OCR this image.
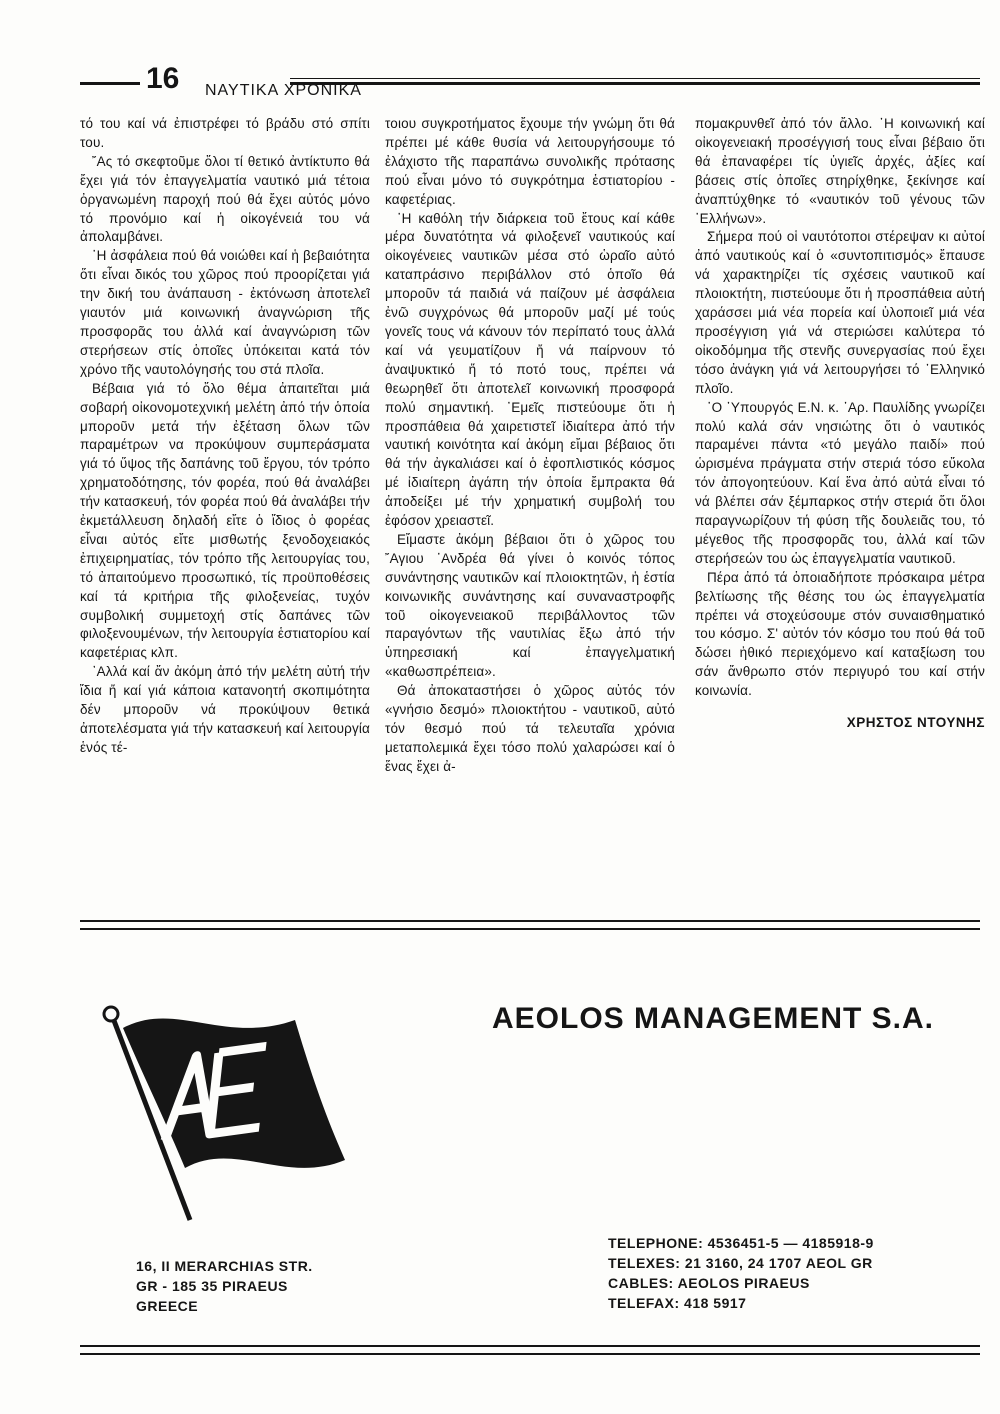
16 ΝΑΥΤΙΚΑ ΧΡΟΝΙΚΑ

τό του καί νά ἐπιστρέφει τό βράδυ στό σπίτι του.

῎Ας τό σκεφτοῦμε ὅλοι τί θετικό ἀντίκτυπο θά ἔχει γιά τόν ἐπαγγελματία ναυτικό μιά τέτοια ὀργανωμένη παροχή πού θά ἔχει αὐτός μόνο τό προνόμιο καί ἡ οἰκογένειά του νά ἀπολαμβάνει.

῾Η ἀσφάλεια πού θά νοιώθει καί ἡ βεβαιότητα ὅτι εἶναι δικός του χῶρος πού προορίζεται γιά την δική του ἀνάπαυση - ἐκτόνωση ἀποτελεῖ γιαυτόν μιά κοινωνική ἀναγνώριση τῆς προσφορᾶς του ἀλλά καί ἀναγνώριση τῶν στερήσεων στίς ὁποῖες ὑπόκειται κατά τόν χρόνο τῆς ναυτολόγησής του στά πλοῖα.

Βέβαια γιά τό ὅλο θέμα ἀπαιτεῖται μιά σοβαρή οἰκονομοτεχνική μελέτη ἀπό τήν ὁποία μποροῦν μετά τήν ἐξέταση ὅλων τῶν παραμέτρων να προκύψουν συμπεράσματα γιά τό ὕψος τῆς δαπάνης τοῦ ἔργου, τόν τρόπο χρηματοδότησης, τόν φορέα, πού θά ἀναλάβει τήν κατασκευή, τόν φορέα πού θά ἀναλάβει τήν ἐκμετάλλευση δηλαδή εἴτε ὁ ἴδιος ὁ φορέας εἶναι αὐτός εἴτε μισθωτής ξενοδοχειακός ἐπιχειρηματίας, τόν τρόπο τῆς λειτουργίας του, τό ἀπαιτούμενο προσωπικό, τίς προϋποθέσεις καί τά κριτήρια τῆς φιλοξενείας, τυχόν συμβολική συμμετοχή στίς δαπάνες τῶν φιλοξενουμένων, τήν λειτουργία ἑστιατορίου καί καφετέριας κλπ.

᾿Αλλά καί ἄν ἀκόμη ἀπό τήν μελέτη αὐτή τήν ἴδια ἤ καί γιά κάποια κατανοητή σκοπιμότητα δέν μποροῦν νά προκύψουν θετικά ἀποτελέσματα γιά τήν κατασκευή καί λειτουργία ἑνός τέ-

τοιου συγκροτήματος ἔχουμε τήν γνώμη ὅτι θά πρέπει μέ κάθε θυσία νά λειτουργήσουμε τό ἐλάχιστο τῆς παραπάνω συνολικῆς πρότασης πού εἶναι μόνο τό συγκρότημα ἑστιατορίου - καφετέριας.

῾Η καθόλη τήν διάρκεια τοῦ ἔτους καί κάθε μέρα δυνατότητα νά φιλοξενεῖ ναυτικούς καί οἰκογένειες ναυτικῶν μέσα στό ὡραῖο αὐτό καταπράσινο περιβάλλον στό ὁποῖο θά μποροῦν τά παιδιά νά παίζουν μέ ἀσφάλεια ἐνῶ συγχρόνως θά μποροῦν μαζί μέ τούς γονεῖς τους νά κάνουν τόν περίπατό τους ἀλλά καί νά γευματίζουν ἤ νά παίρνουν τό ἀναψυκτικό ἤ τό ποτό τους, πρέπει νά θεωρηθεῖ ὅτι ἀποτελεῖ κοινωνική προσφορά πολύ σημαντική. ᾿Εμεῖς πιστεύουμε ὅτι ἡ προσπάθεια θά χαιρετιστεῖ ἰδιαίτερα ἀπό τήν ναυτική κοινότητα καί ἀκόμη εἴμαι βέβαιος ὅτι θά τήν ἀγκαλιάσει καί ὁ ἐφοπλιστικός κόσμος μέ ἰδιαίτερη ἀγάπη τήν ὁποία ἔμπρακτα θά ἀποδείξει μέ τήν χρηματική συμβολή του ἐφόσον χρειαστεῖ.

Εἴμαστε ἀκόμη βέβαιοι ὅτι ὁ χῶρος του ῎Αγιου ᾿Ανδρέα θά γίνει ὁ κοινός τόπος συνάντησης ναυτικῶν καί πλοιοκτητῶν, ἡ ἑστία κοινωνικῆς συνάντησης καί συναναστροφῆς τοῦ οἰκογενειακοῦ περιβάλλοντος τῶν παραγόντων τῆς ναυτιλίας ἔξω ἀπό τήν ὑπηρεσιακή καί ἐπαγγελματική «καθωσπρέπεια».

Θά ἀποκαταστήσει ὁ χῶρος αὐτός τόν «γνήσιο δεσμό» πλοιοκτήτου - ναυτικοῦ, αὐτό τόν θεσμό πού τά τελευταῖα χρόνια μεταπολεμικά ἔχει τόσο πολύ χαλαρώσει καί ὁ ἕνας ἔχει ἀ-

πομακρυνθεῖ ἀπό τόν ἄλλο. ῾Η κοινωνική καί οἰκογενειακή προσέγγισή τους εἶναι βέβαιο ὅτι θά ἐπαναφέρει τίς ὑγιεῖς ἀρχές, ἀξίες καί βάσεις στίς ὁποῖες στηρίχθηκε, ξεκίνησε καί ἀναπτύχθηκε τό «ναυτικόν τοῦ γένους τῶν ῾Ελλήνων».

Σήμερα πού οἱ ναυτότοποι στέρεψαν κι αὐτοί ἀπό ναυτικούς καί ὁ «συντοπιτισμός» ἔπαυσε νά χαρακτηρίζει τίς σχέσεις ναυτικοῦ καί πλοιοκτήτη, πιστεύουμε ὅτι ἡ προσπάθεια αὐτή χαράσσει μιά νέα πορεία καί ὑλοποιεῖ μιά νέα προσέγγιση γιά νά στεριώσει καλύτερα τό οἰκοδόμημα τῆς στενῆς συνεργασίας πού ἔχει τόσο ἀνάγκη γιά νά λειτουργήσει τό ῾Ελληνικό πλοῖο.

῾Ο ῾Υπουργός Ε.Ν. κ. ᾿Αρ. Παυλίδης γνωρίζει πολύ καλά σάν νησιώτης ὅτι ὁ ναυτικός παραμένει πάντα «τό μεγάλο παιδί» πού ὡρισμένα πράγματα στήν στεριά τόσο εὔκολα τόν ἀπογοητεύουν. Καί ἕνα ἀπό αὐτά εἶναι τό νά βλέπει σάν ξέμπαρκος στήν στεριά ὅτι ὅλοι παραγνωρίζουν τή φύση τῆς δουλειᾶς του, τό μέγεθος τῆς προσφορᾶς του, ἀλλά καί τῶν στερήσεών του ὡς ἐπαγγελματία ναυτικοῦ.

Πέρα ἀπό τά ὁποιαδήποτε πρόσκαιρα μέτρα βελτίωσης τῆς θέσης του ὡς ἐπαγγελματία πρέπει νά στοχεύσουμε στόν συναισθηματικό του κόσμο. Σ' αὐτόν τόν κόσμο του πού θά τοῦ δώσει ἠθικό περιεχόμενο καί καταξίωση του σάν ἄνθρωπο στόν περιγυρό του καί στήν κοινωνία.

ΧΡΗΣΤΟΣ ΝΤΟΥΝΗΣ
AE
AEOLOS MANAGEMENT S.A.
16, II MERARCHIAS STR.
GR - 185 35 PIRAEUS
GREECE
TELEPHONE: 4536451-5 — 4185918-9
TELEXES: 21 3160, 24 1707 AEOL GR
CABLES: AEOLOS PIRAEUS
TELEFAX: 418 5917
